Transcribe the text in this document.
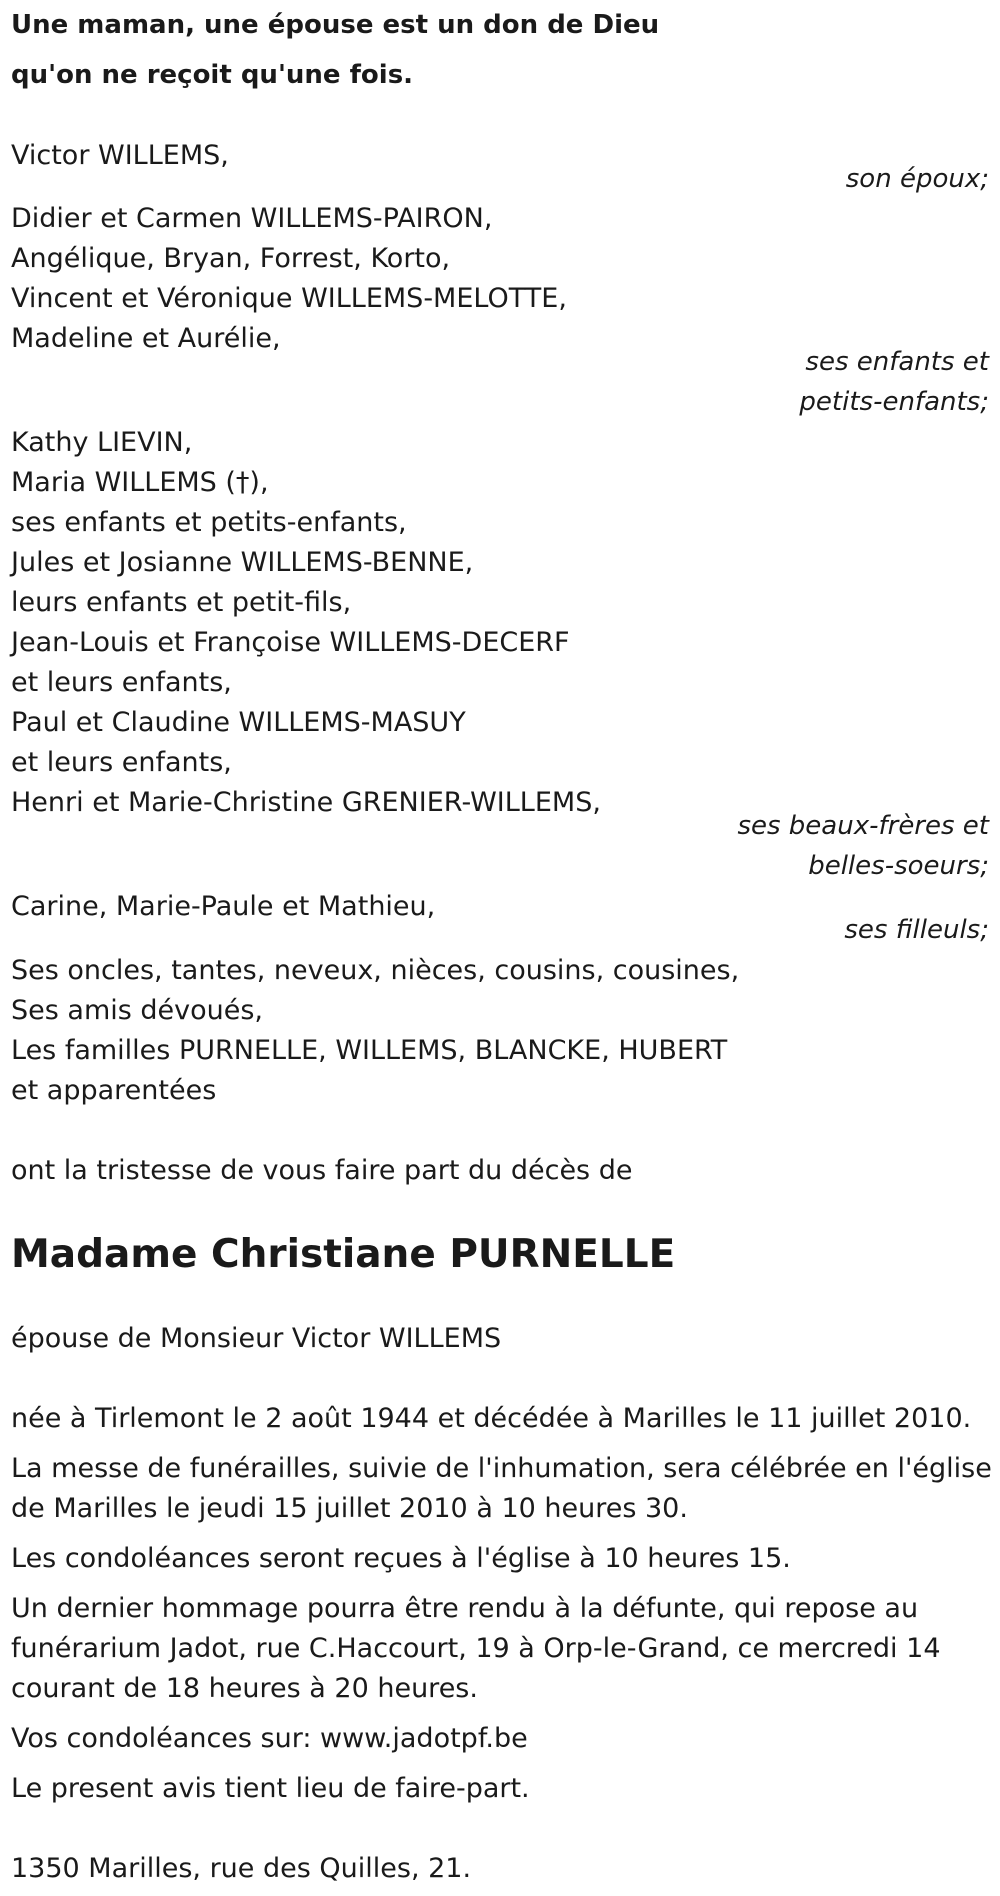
Une maman, une épouse est un don de Dieu
qu'on ne reçoit qu'une fois.
Victor WILLEMS,
son époux;
Didier et Carmen WILLEMS-PAIRON,
Angélique, Bryan, Forrest, Korto,
Vincent et Véronique WILLEMS-MELOTTE,
Madeline et Aurélie,
ses enfants et
petits-enfants;
Kathy LIEVIN,
Maria WILLEMS (†),
ses enfants et petits-enfants,
Jules et Josianne WILLEMS-BENNE,
leurs enfants et petit-fils,
Jean-Louis et Françoise WILLEMS-DECERF
et leurs enfants,
Paul et Claudine WILLEMS-MASUY
et leurs enfants,
Henri et Marie-Christine GRENIER-WILLEMS,
ses beaux-frères et
belles-soeurs;
Carine, Marie-Paule et Mathieu,
ses filleuls;
Ses oncles, tantes, neveux, nièces, cousins, cousines,
Ses amis dévoués,
Les familles PURNELLE, WILLEMS, BLANCKE, HUBERT
et apparentées
ont la tristesse de vous faire part du décès de
Madame Christiane PURNELLE
épouse de Monsieur Victor WILLEMS
née à Tirlemont le 2 août 1944 et décédée à Marilles le 11 juillet 2010.
La messe de funérailles, suivie de l'inhumation, sera célébrée en l'église
de Marilles le jeudi 15 juillet 2010 à 10 heures 30.
Les condoléances seront reçues à l'église à 10 heures 15.
Un dernier hommage pourra être rendu à la défunte, qui repose au
funérarium Jadot, rue C.Haccourt, 19 à Orp-le-Grand, ce mercredi 14
courant de 18 heures à 20 heures.
Vos condoléances sur: www.jadotpf.be
Le present avis tient lieu de faire-part.
1350 Marilles, rue des Quilles, 21.
